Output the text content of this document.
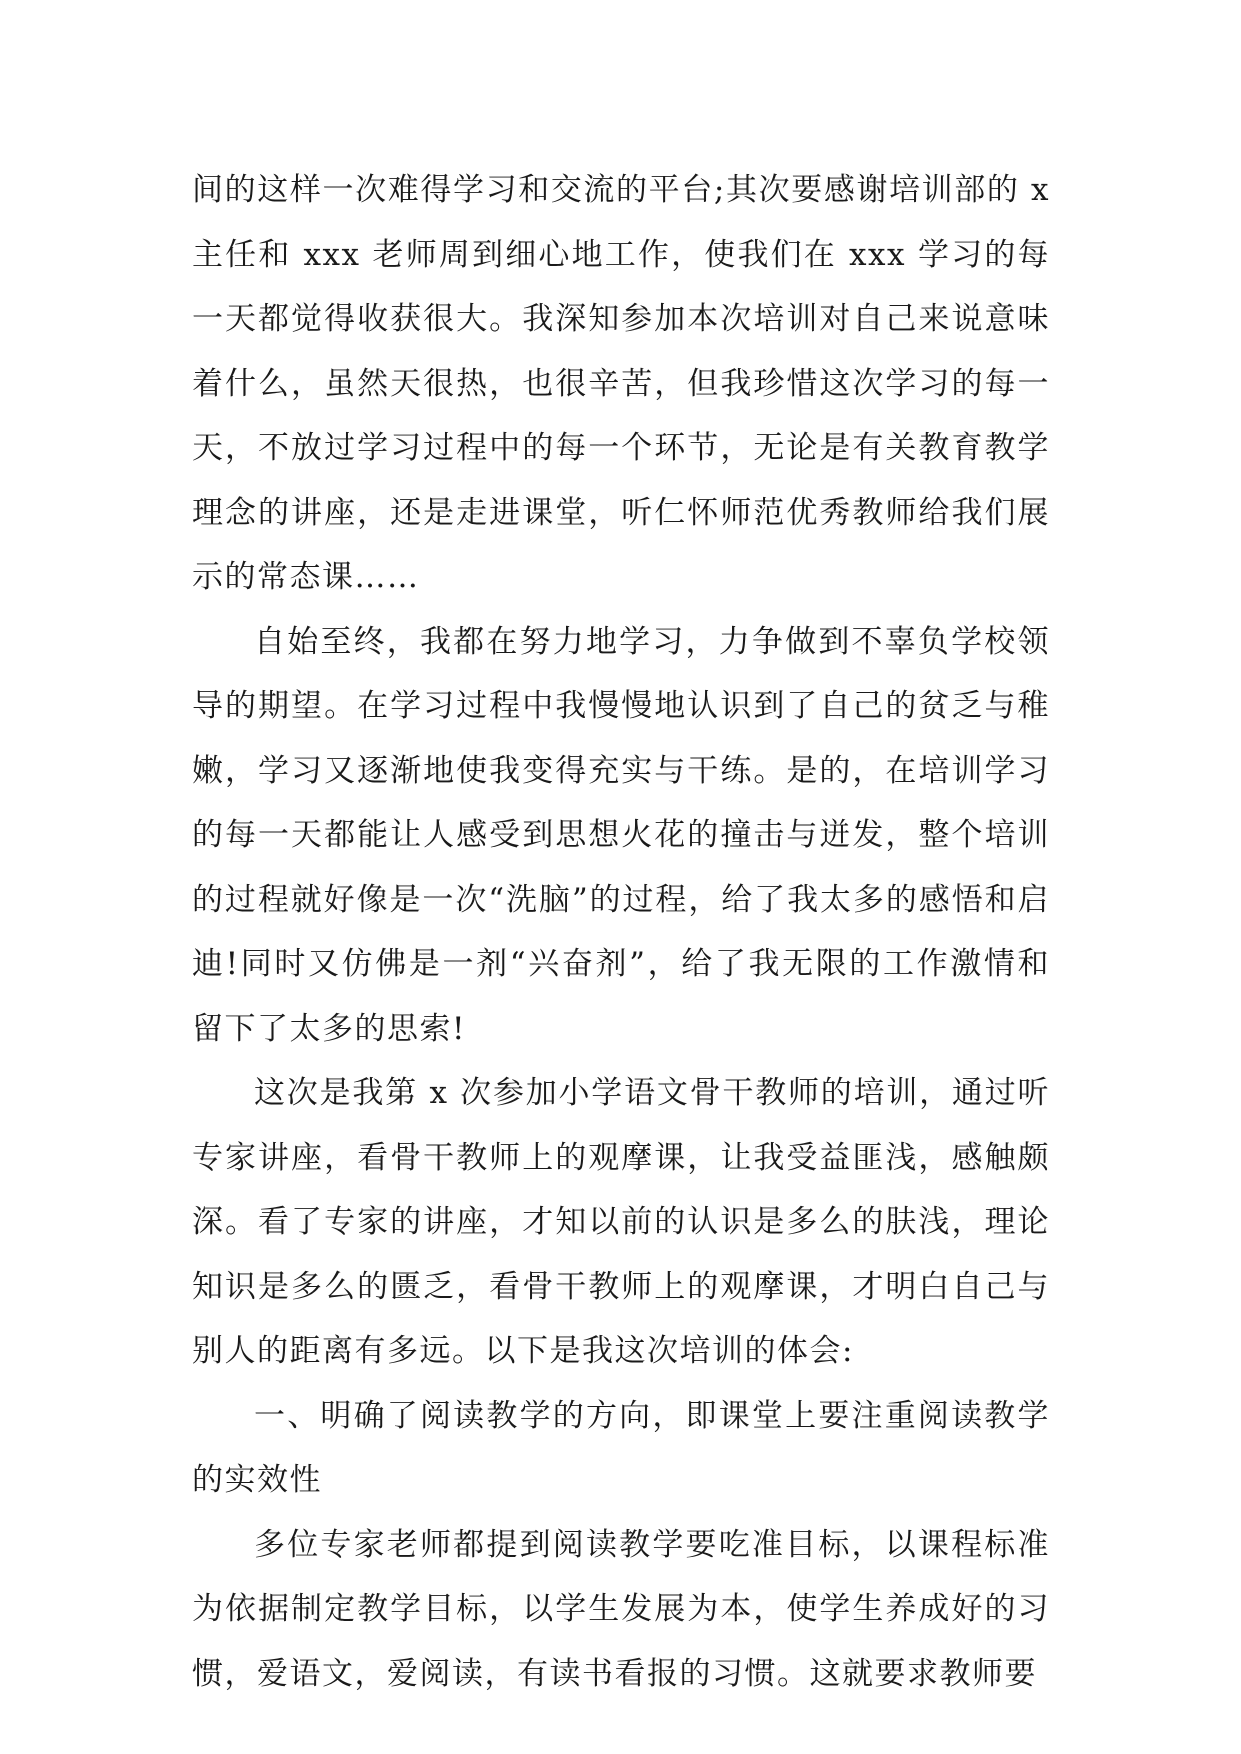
间的这样一次难得学习和交流的平台;其次要感谢培训部的 x 主任和 xxx 老师周到细心地工作，使我们在 xxx 学习的每一天都觉得收获很大。我深知参加本次培训对自己来说意味着什么，虽然天很热，也很辛苦，但我珍惜这次学习的每一天，不放过学习过程中的每一个环节，无论是有关教育教学理念的讲座，还是走进课堂，听仁怀师范优秀教师给我们展示的常态课……

自始至终，我都在努力地学习，力争做到不辜负学校领导的期望。在学习过程中我慢慢地认识到了自己的贫乏与稚嫩，学习又逐渐地使我变得充实与干练。是的，在培训学习的每一天都能让人感受到思想火花的撞击与迸发，整个培训的过程就好像是一次“洗脑”的过程，给了我太多的感悟和启迪!同时又仿佛是一剂“兴奋剂”，给了我无限的工作激情和留下了太多的思索!

这次是我第 x 次参加小学语文骨干教师的培训，通过听专家讲座，看骨干教师上的观摩课，让我受益匪浅，感触颇深。看了专家的讲座，才知以前的认识是多么的肤浅，理论知识是多么的匮乏，看骨干教师上的观摩课，才明白自己与别人的距离有多远。以下是我这次培训的体会:

一、明确了阅读教学的方向，即课堂上要注重阅读教学的实效性

多位专家老师都提到阅读教学要吃准目标，以课程标准为依据制定教学目标，以学生发展为本，使学生养成好的习惯，爱语文，爱阅读，有读书看报的习惯。这就要求教师要
